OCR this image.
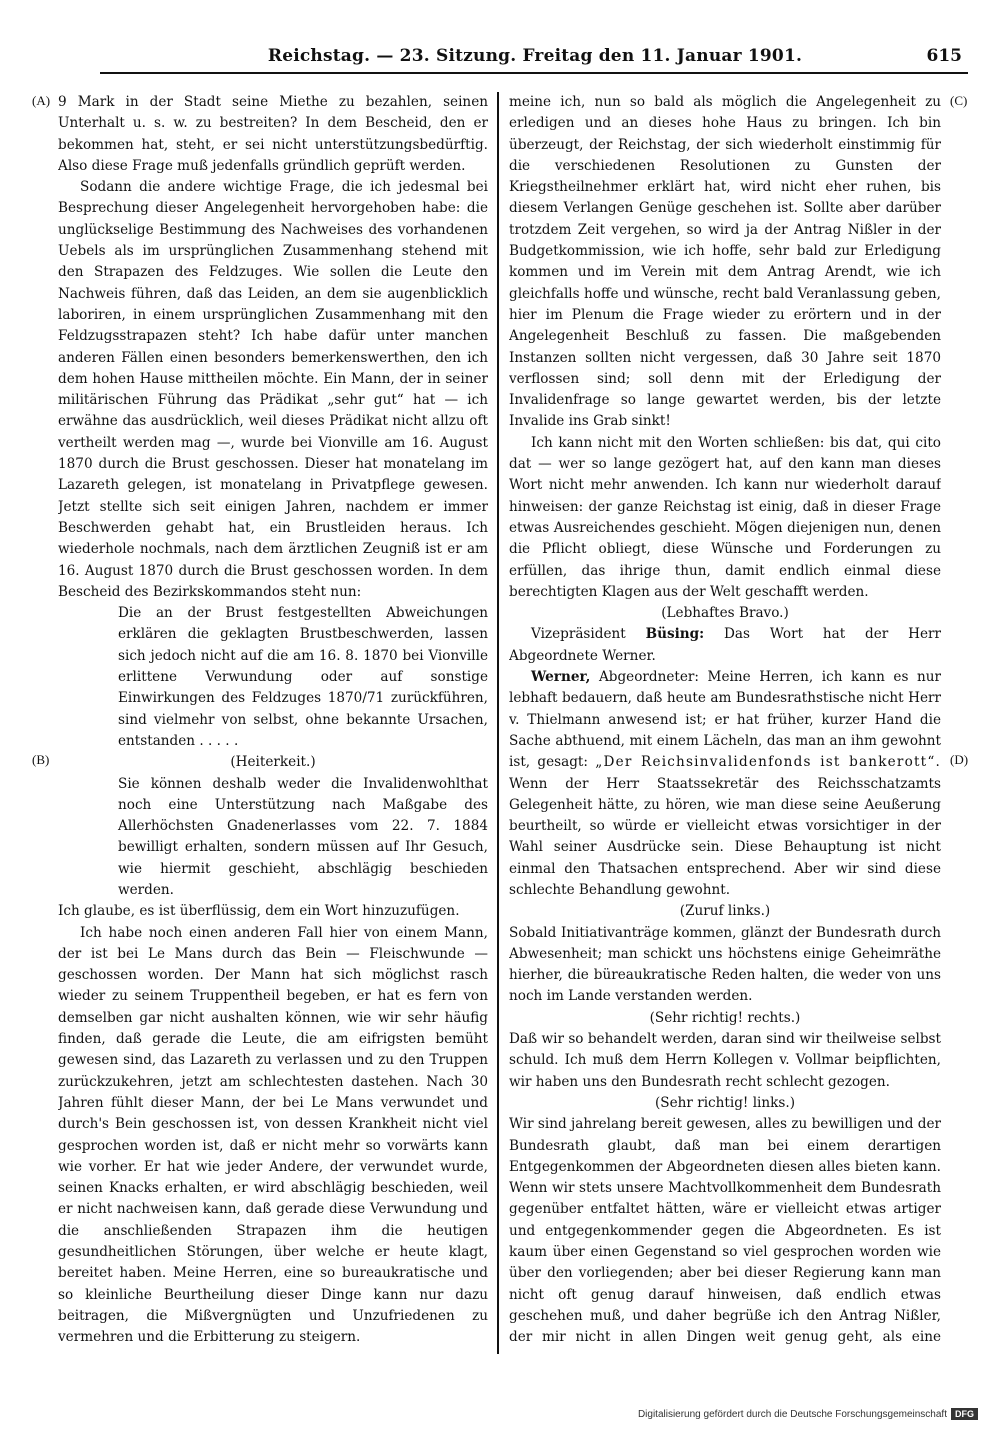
Reichstag. — 23. Sitzung. Freitag den 11. Januar 1901.	615
(A)
(B)
(C)
(D)

9 Mark in der Stadt seine Miethe zu bezahlen, seinen Unterhalt u. s. w. zu bestreiten? In dem Bescheid, den er bekommen hat, steht, er sei nicht unterstützungsbedürftig. Also diese Frage muß jedenfalls gründlich geprüft werden.

Sodann die andere wichtige Frage, die ich jedesmal bei Besprechung dieser Angelegenheit hervorgehoben habe: die unglückselige Bestimmung des Nachweises des vorhandenen Uebels als im ursprünglichen Zusammenhang stehend mit den Strapazen des Feldzuges. Wie sollen die Leute den Nachweis führen, daß das Leiden, an dem sie augenblicklich laboriren, in einem ursprünglichen Zusammenhang mit den Feldzugsstrapazen steht? Ich habe dafür unter manchen anderen Fällen einen besonders bemerkenswerthen, den ich dem hohen Hause mittheilen möchte. Ein Mann, der in seiner militärischen Führung das Prädikat „sehr gut“ hat — ich erwähne das ausdrücklich, weil dieses Prädikat nicht allzu oft vertheilt werden mag —, wurde bei Vionville am 16. August 1870 durch die Brust geschossen. Dieser hat monatelang im Lazareth gelegen, ist monatelang in Privatpflege gewesen. Jetzt stellte sich seit einigen Jahren, nachdem er immer Beschwerden gehabt hat, ein Brustleiden heraus. Ich wiederhole nochmals, nach dem ärztlichen Zeugniß ist er am 16. August 1870 durch die Brust geschossen worden. In dem Bescheid des Bezirkskommandos steht nun:

Die an der Brust festgestellten Abweichungen erklären die geklagten Brustbeschwerden, lassen sich jedoch nicht auf die am 16. 8. 1870 bei Vionville erlittene Verwundung oder auf sonstige Einwirkungen des Feldzuges 1870/71 zurückführen, sind vielmehr von selbst, ohne bekannte Ursachen, entstanden . . . . .

(Heiterkeit.)

Sie können deshalb weder die Invalidenwohlthat noch eine Unterstützung nach Maßgabe des Allerhöchsten Gnadenerlasses vom 22. 7. 1884 bewilligt erhalten, sondern müssen auf Ihr Gesuch, wie hiermit geschieht, abschlägig beschieden werden.

Ich glaube, es ist überflüssig, dem ein Wort hinzuzufügen.

Ich habe noch einen anderen Fall hier von einem Mann, der ist bei Le Mans durch das Bein — Fleischwunde — geschossen worden. Der Mann hat sich möglichst rasch wieder zu seinem Truppentheil begeben, er hat es fern von demselben gar nicht aushalten können, wie wir sehr häufig finden, daß gerade die Leute, die am eifrigsten bemüht gewesen sind, das Lazareth zu verlassen und zu den Truppen zurückzukehren, jetzt am schlechtesten dastehen. Nach 30 Jahren fühlt dieser Mann, der bei Le Mans verwundet und durch's Bein geschossen ist, von dessen Krankheit nicht viel gesprochen worden ist, daß er nicht mehr so vorwärts kann wie vorher. Er hat wie jeder Andere, der verwundet wurde, seinen Knacks erhalten, er wird abschlägig beschieden, weil er nicht nachweisen kann, daß gerade diese Verwundung und die anschließenden Strapazen ihm die heutigen gesundheitlichen Störungen, über welche er heute klagt, bereitet haben. Meine Herren, eine so bureaukratische und so kleinliche Beurtheilung dieser Dinge kann nur dazu beitragen, die Mißvergnügten und Unzufriedenen zu vermehren und die Erbitterung zu steigern.

meine ich, nun so bald als möglich die Angelegenheit zu erledigen und an dieses hohe Haus zu bringen. Ich bin überzeugt, der Reichstag, der sich wiederholt einstimmig für die verschiedenen Resolutionen zu Gunsten der Kriegstheilnehmer erklärt hat, wird nicht eher ruhen, bis diesem Verlangen Genüge geschehen ist. Sollte aber darüber trotzdem Zeit vergehen, so wird ja der Antrag Nißler in der Budgetkommission, wie ich hoffe, sehr bald zur Erledigung kommen und im Verein mit dem Antrag Arendt, wie ich gleichfalls hoffe und wünsche, recht bald Veranlassung geben, hier im Plenum die Frage wieder zu erörtern und in der Angelegenheit Beschluß zu fassen. Die maßgebenden Instanzen sollten nicht vergessen, daß 30 Jahre seit 1870 verflossen sind; soll denn mit der Erledigung der Invalidenfrage so lange gewartet werden, bis der letzte Invalide ins Grab sinkt!

Ich kann nicht mit den Worten schließen: bis dat, qui cito dat — wer so lange gezögert hat, auf den kann man dieses Wort nicht mehr anwenden. Ich kann nur wiederholt darauf hinweisen: der ganze Reichstag ist einig, daß in dieser Frage etwas Ausreichendes geschieht. Mögen diejenigen nun, denen die Pflicht obliegt, diese Wünsche und Forderungen zu erfüllen, das ihrige thun, damit endlich einmal diese berechtigten Klagen aus der Welt geschafft werden.

(Lebhaftes Bravo.)

Vizepräsident Büsing: Das Wort hat der Herr Abgeordnete Werner.

Werner, Abgeordneter: Meine Herren, ich kann es nur lebhaft bedauern, daß heute am Bundesrathstische nicht Herr v. Thielmann anwesend ist; er hat früher, kurzer Hand die Sache abthuend, mit einem Lächeln, das man an ihm gewohnt ist, gesagt: „Der Reichsinvalidenfonds ist bankerott“. Wenn der Herr Staatssekretär des Reichsschatzamts Gelegenheit hätte, zu hören, wie man diese seine Aeußerung beurtheilt, so würde er vielleicht etwas vorsichtiger in der Wahl seiner Ausdrücke sein. Diese Behauptung ist nicht einmal den Thatsachen entsprechend. Aber wir sind diese schlechte Behandlung gewohnt.

(Zuruf links.)

Sobald Initiativanträge kommen, glänzt der Bundesrath durch Abwesenheit; man schickt uns höchstens einige Geheimräthe hierher, die büreaukratische Reden halten, die weder von uns noch im Lande verstanden werden.

(Sehr richtig! rechts.)

Daß wir so behandelt werden, daran sind wir theilweise selbst schuld. Ich muß dem Herrn Kollegen v. Vollmar beipflichten, wir haben uns den Bundesrath recht schlecht gezogen.

(Sehr richtig! links.)

Wir sind jahrelang bereit gewesen, alles zu bewilligen und der Bundesrath glaubt, daß man bei einem derartigen Entgegenkommen der Abgeordneten diesen alles bieten kann. Wenn wir stets unsere Machtvollkommenheit dem Bundesrath gegenüber entfaltet hätten, wäre er vielleicht etwas artiger und entgegenkommender gegen die Abgeordneten. Es ist kaum über einen Gegenstand so viel gesprochen worden wie über den vorliegenden; aber bei dieser Regierung kann man nicht oft genug darauf hinweisen, daß endlich etwas geschehen muß, und daher begrüße ich den Antrag Nißler, der mir nicht in allen Dingen weit genug geht, als eine

Digitalisierung gefördert durch die Deutsche Forschungsgemeinschaft DFG
